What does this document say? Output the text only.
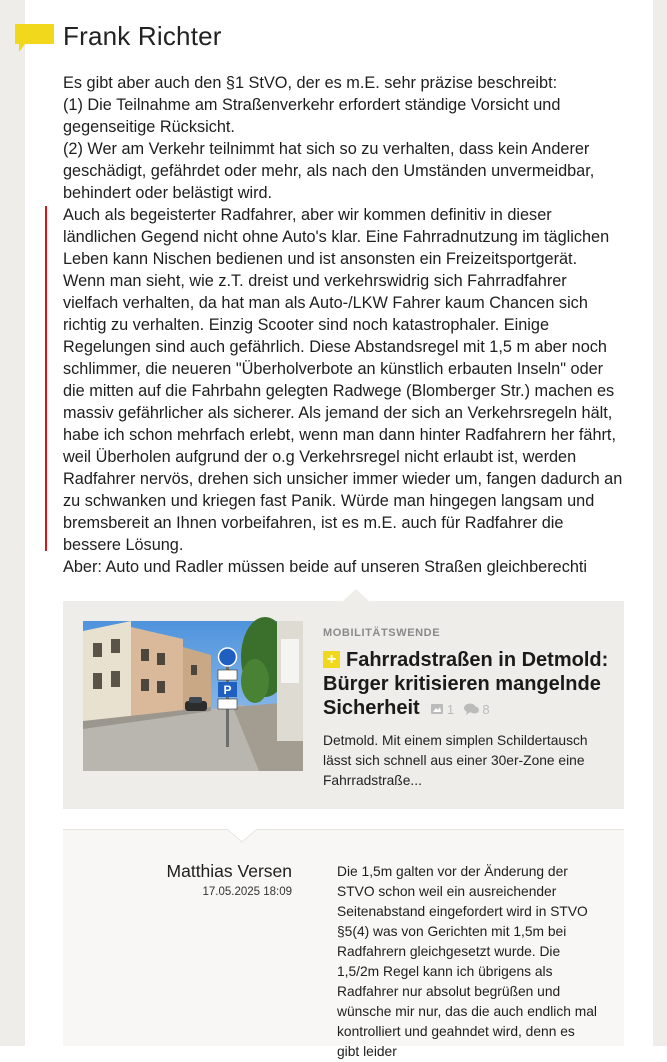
Frank Richter

Es gibt aber auch den §1 StVO, der es m.E. sehr präzise beschreibt:

(1) Die Teilnahme am Straßenverkehr erfordert ständige Vorsicht und gegenseitige Rücksicht.

(2) Wer am Verkehr teilnimmt hat sich so zu verhalten, dass kein Anderer geschädigt, gefährdet oder mehr, als nach den Umständen unvermeidbar, behindert oder belästigt wird.

Auch als begeisterter Radfahrer, aber wir kommen definitiv in dieser ländlichen Gegend nicht ohne Auto's klar. Eine Fahrradnutzung im täglichen Leben kann Nischen bedienen und ist ansonsten ein Freizeitsportgerät. Wenn man sieht, wie z.T. dreist und verkehrswidrig sich Fahrradfahrer vielfach verhalten, da hat man als Auto-/LKW Fahrer kaum Chancen sich richtig zu verhalten. Einzig Scooter sind noch katastrophaler. Einige Regelungen sind auch gefährlich. Diese Abstandsregel mit 1,5 m aber noch schlimmer, die neueren "Überholverbote an künstlich erbauten Inseln" oder die mitten auf die Fahrbahn gelegten Radwege (Blomberger Str.) machen es massiv gefährlicher als sicherer. Als jemand der sich an Verkehrsregeln hält, habe ich schon mehrfach erlebt, wenn man dann hinter Radfahrern her fährt, weil Überholen aufgrund der o.g Verkehrsregel nicht erlaubt ist, werden Radfahrer nervös, drehen sich unsicher immer wieder um, fangen dadurch an zu schwanken und kriegen fast Panik. Würde man hingegen langsam und bremsbereit an Ihnen vorbeifahren, ist es m.E. auch für Radfahrer die bessere Lösung.

Aber: Auto und Radler müssen beide auf unseren Straßen gleichberechti

P
MOBILITÄTSWENDE
+ Fahrradstraßen in Detmold: Bürger kritisieren mangelnde Sicherheit 1 8
Detmold. Mit einem simplen Schildertausch lässt sich schnell aus einer 30er-Zone eine Fahrradstraße...
Matthias Versen
17.05.2025 18:09
Die 1,5m galten vor der Änderung der STVO schon weil ein ausreichender Seitenabstand eingefordert wird in STVO §5(4) was von Gerichten mit 1,5m bei Radfahrern gleichgesetzt wurde. Die 1,5/2m Regel kann ich übrigens als Radfahrer nur absolut begrüßen und wünsche mir nur, das die auch endlich mal kontrolliert und geahndet wird, denn es gibt leider
